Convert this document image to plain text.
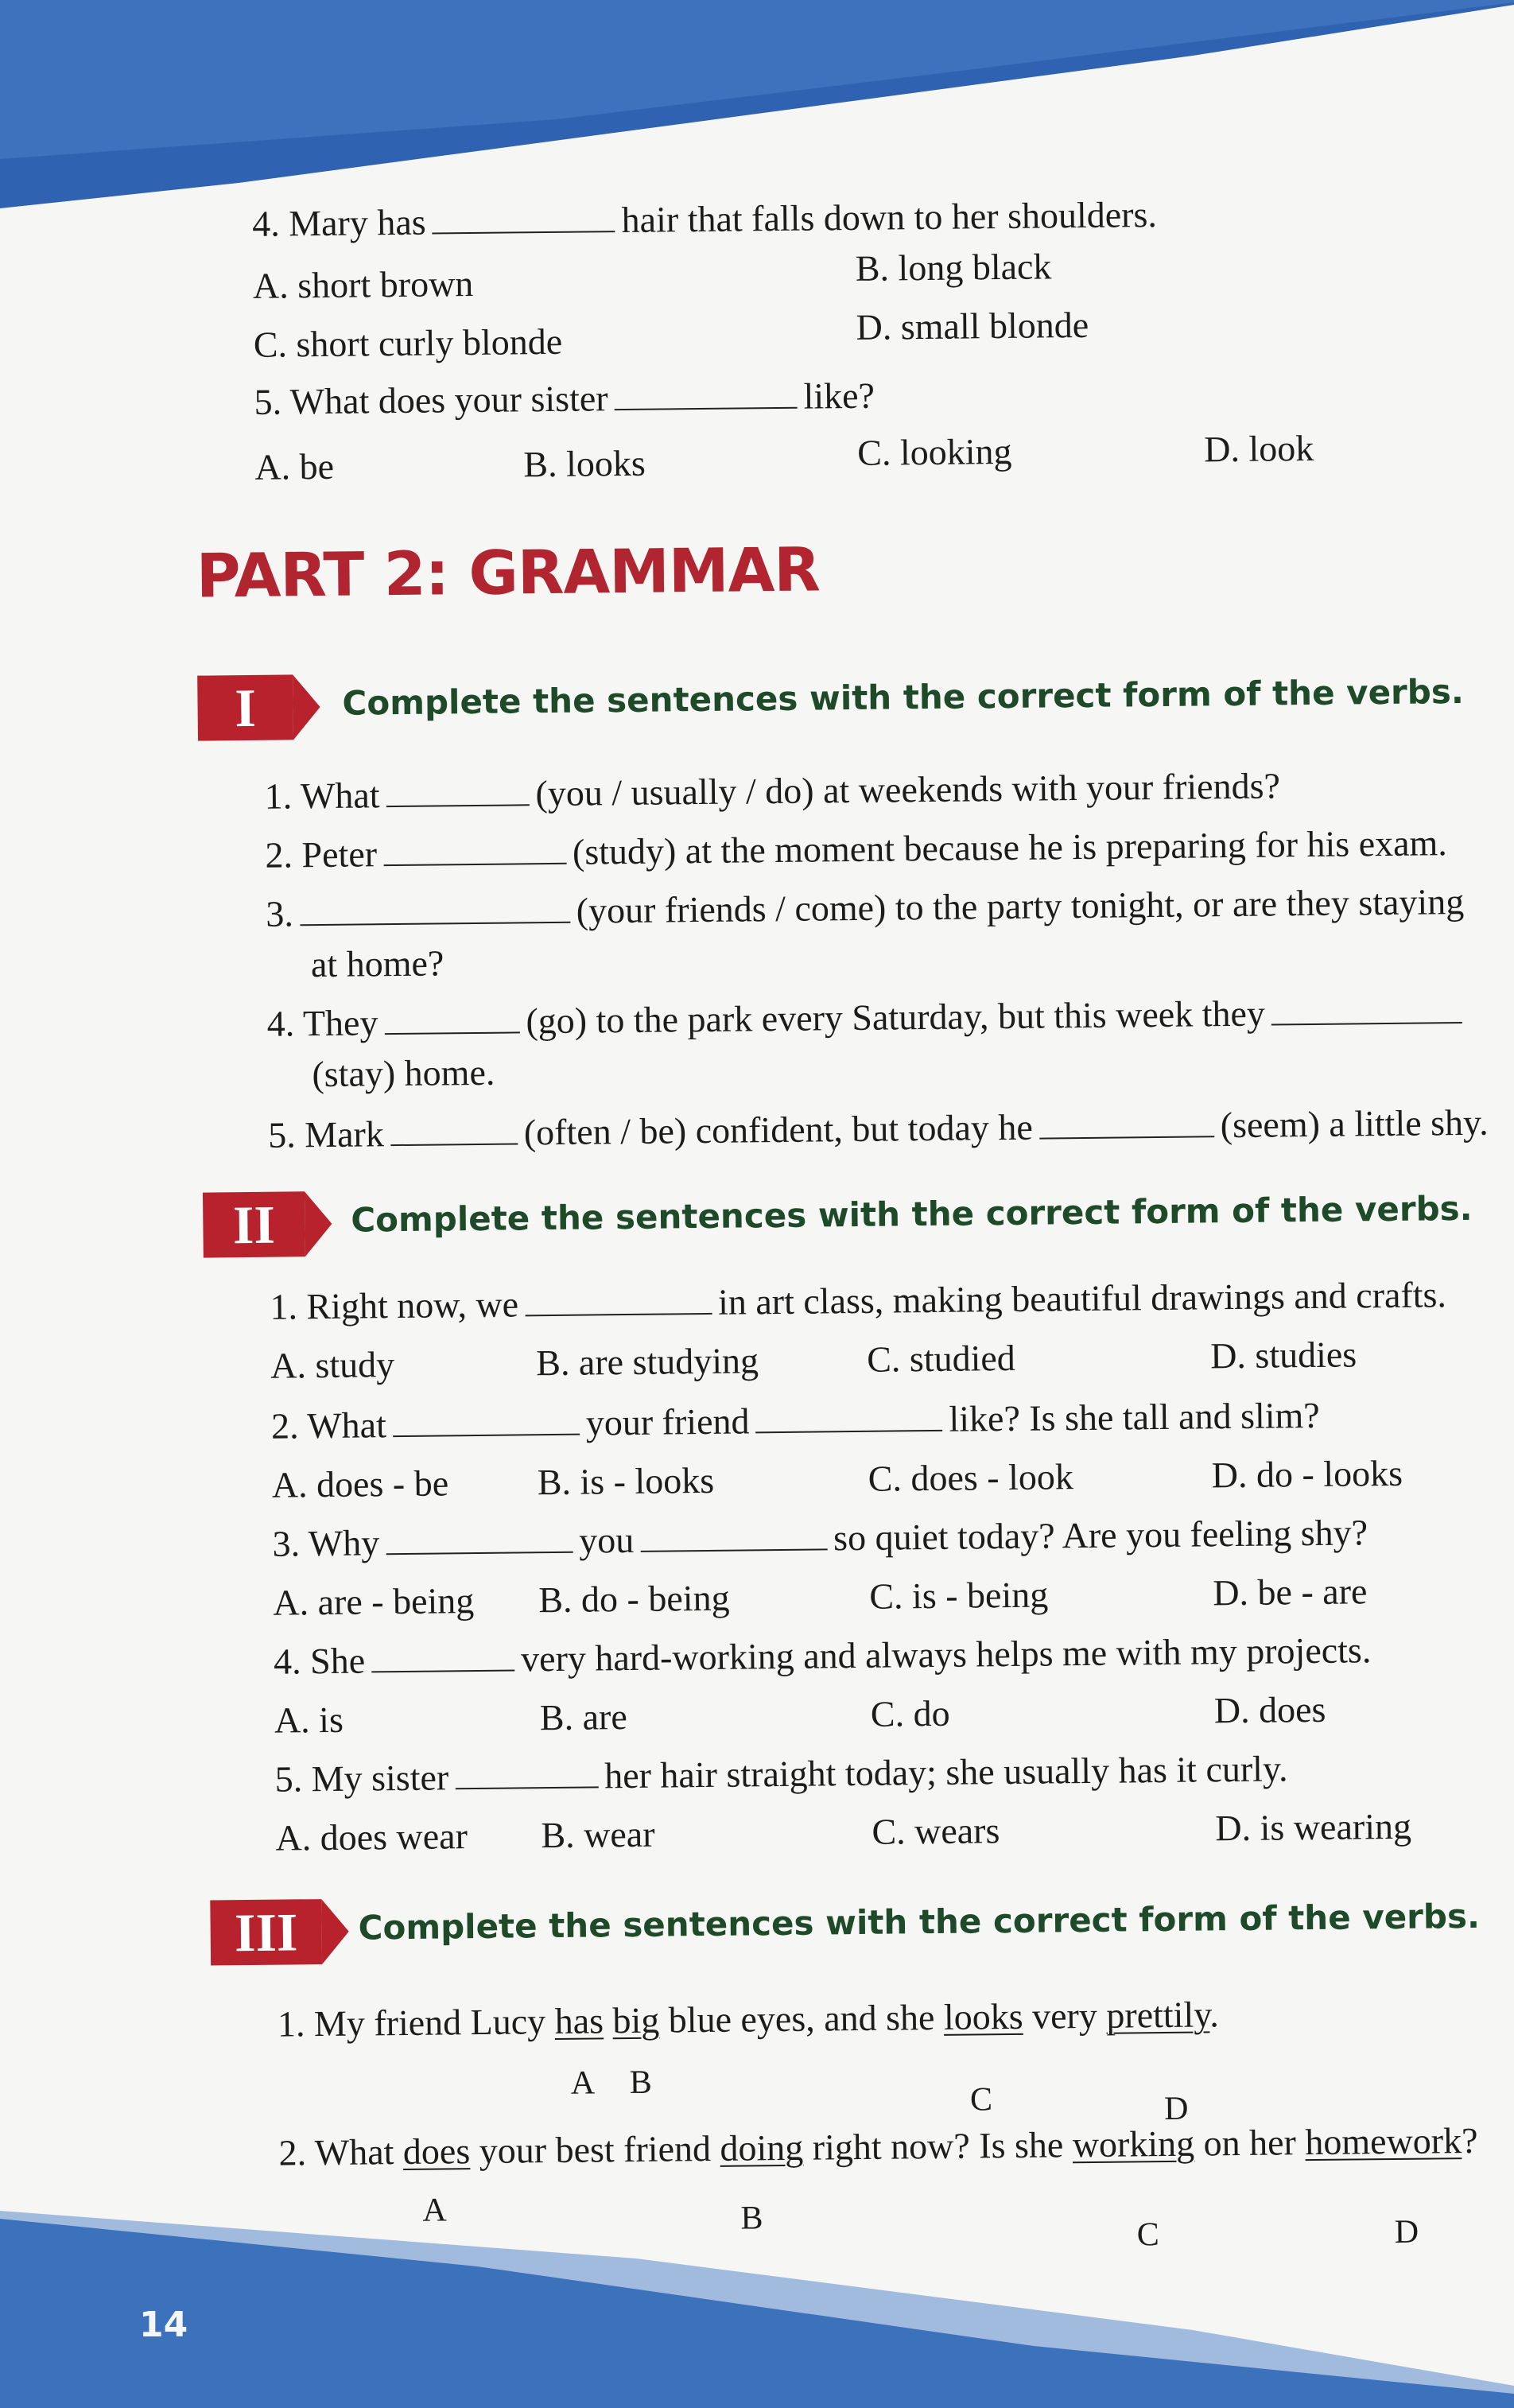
14
4. Mary has	hair that falls down to her shoulders.
A. short brown	B. long black
C. short curly blonde	D. small blonde
5. What does your sister	like?
A. be	B. looks	C. looking	D. look
PART 2: GRAMMAR
I	Complete the sentences with the correct form of the verbs.
1. What	(you / usually / do) at weekends with your friends?
2. Peter	(study) at the moment because he is preparing for his exam.
3.	(your friends / come) to the party tonight, or are they staying
at home?
4. They	(go) to the park every Saturday, but this week they
(stay) home.
5. Mark	(often / be) confident, but today he	(seem) a little shy.
II	Complete the sentences with the correct form of the verbs.
1. Right now, we	in art class, making beautiful drawings and crafts.
A. study	B. are studying	C. studied	D. studies
2. What	your friend	like? Is she tall and slim?
A. does - be B. is - looks	C. does - look	D. do - looks
3. Why	you	so quiet today? Are you feeling shy?
A. are - being B. do - being	C. is - being	D. be - are
4. She	very hard-working and always helps me with my projects.
A. is	B. are	C. do	D. does
5. My sister	her hair straight today; she usually has it curly.
A. does wear B. wear	C. wears	D. is wearing
III	Complete the sentences with the correct form of the verbs.
1. My friend Lucy has big blue eyes, and she looks very prettily.
A B	C	D
2. What does your best friend doing right now? Is she working on her homework?
A	B	C	D
